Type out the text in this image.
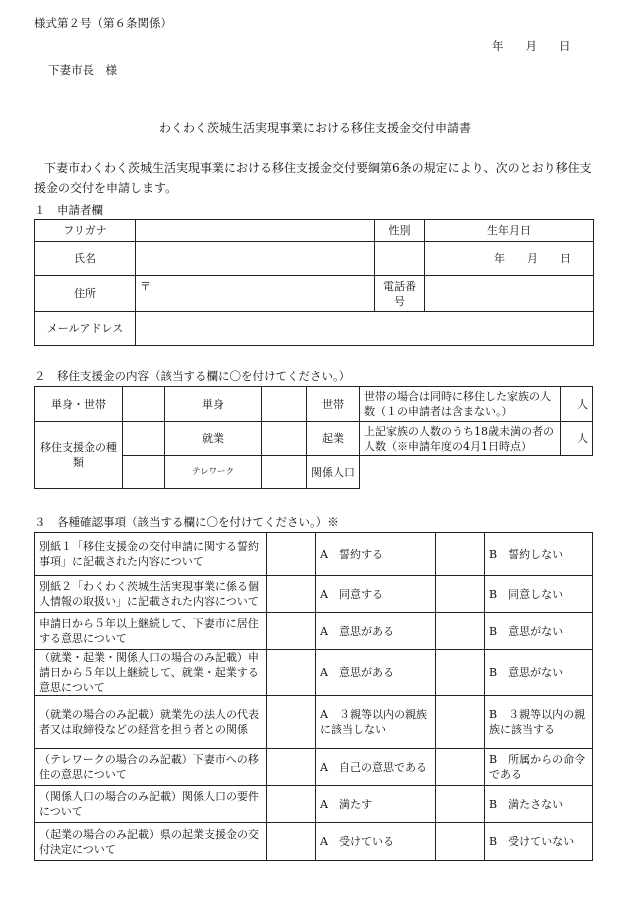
様式第２号（第６条関係）
年 月 日
下妻市長　様
わくわく茨城生活実現事業における移住支援金交付申請書
下妻市わくわく茨城生活実現事業における移住支援金交付要綱第6条の規定により、次のとおり移住支援金の交付を申請します。
１　申請者欄
フリガナ		性別	生年月日
氏名			年　　月　　日
住所	〒	電話番号	
メールアドレス			
２　移住支援金の内容（該当する欄に〇を付けてください。）
単身・世帯		単身		世帯	世帯の場合は同時に移住した家族の人数（１の申請者は含まない。）	人
移住支援金の種類		就業		起業	上記家族の人数のうち18歳未満の者の人数（※申請年度の4月1日時点）	人
		テレワーク		関係人口		
３　各種確認事項（該当する欄に〇を付けてください。）※
別紙１「移住支援金の交付申請に関する誓約事項」に記載された内容について		A　誓約する		B　誓約しない
別紙２「わくわく茨城生活実現事業に係る個人情報の取扱い」に記載された内容について		A　同意する		B　同意しない
申請日から５年以上継続して、下妻市に居住する意思について		A　意思がある		B　意思がない
（就業・起業・関係人口の場合のみ記載）申請日から５年以上継続して、就業・起業する意思について		A　意思がある		B　意思がない
（就業の場合のみ記載）就業先の法人の代表者又は取締役などの経営を担う者との関係		A　３親等以内の親族に該当しない		B　３親等以内の親族に該当する
（テレワークの場合のみ記載）下妻市への移住の意思について		A　自己の意思である		B　所属からの命令である
（関係人口の場合のみ記載）関係人口の要件について		A　満たす		B　満たさない
（起業の場合のみ記載）県の起業支援金の交付決定について		A　受けている		B　受けていない
